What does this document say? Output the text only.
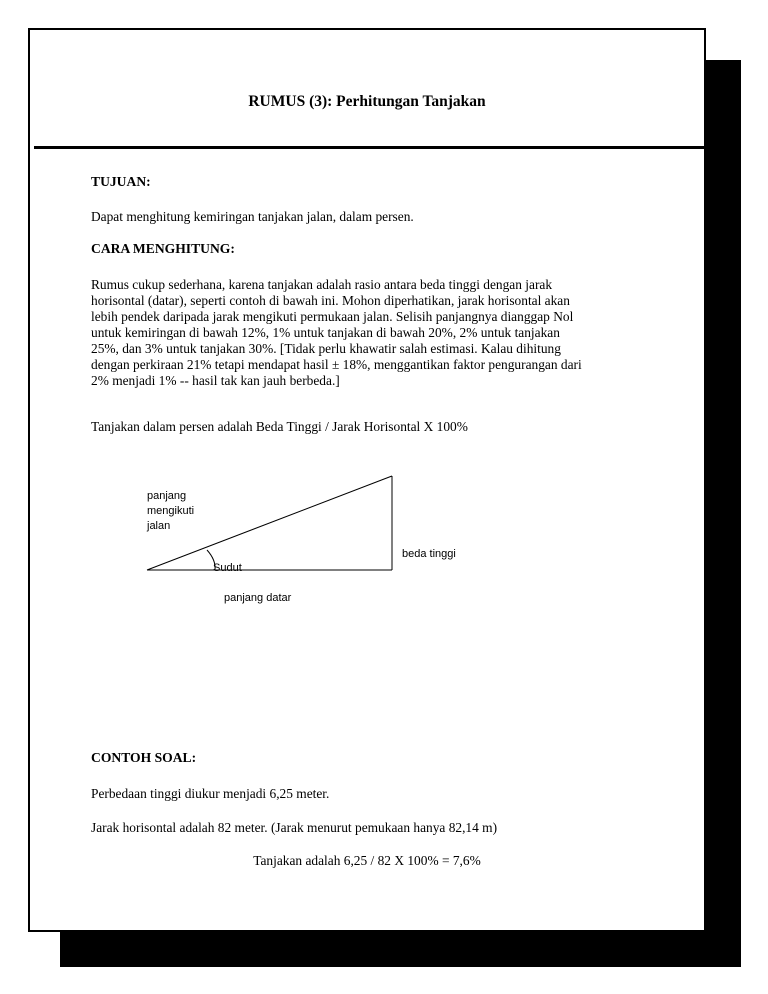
RUMUS (3): Perhitungan Tanjakan
TUJUAN:
Dapat menghitung kemiringan tanjakan jalan, dalam persen.
CARA MENGHITUNG:
Rumus cukup sederhana, karena tanjakan adalah rasio antara beda tinggi dengan jarak
horisontal (datar), seperti contoh di bawah ini. Mohon diperhatikan, jarak horisontal akan
lebih pendek daripada jarak mengikuti permukaan jalan. Selisih panjangnya dianggap Nol
untuk kemiringan di bawah 12%, 1% untuk tanjakan di bawah 20%, 2% untuk tanjakan
25%, dan 3% untuk tanjakan 30%. [Tidak perlu khawatir salah estimasi. Kalau dihitung
dengan perkiraan 21% tetapi mendapat hasil ± 18%, menggantikan faktor pengurangan dari
2% menjadi 1% -- hasil tak kan jauh berbeda.]
Tanjakan dalam persen adalah Beda Tinggi / Jarak Horisontal X 100%
panjang
mengikuti
jalan
Sudut
beda tinggi
panjang datar
CONTOH SOAL:
Perbedaan tinggi diukur menjadi 6,25 meter.
Jarak horisontal adalah 82 meter. (Jarak menurut pemukaan hanya 82,14 m)
Tanjakan adalah 6,25 / 82 X 100% = 7,6%
